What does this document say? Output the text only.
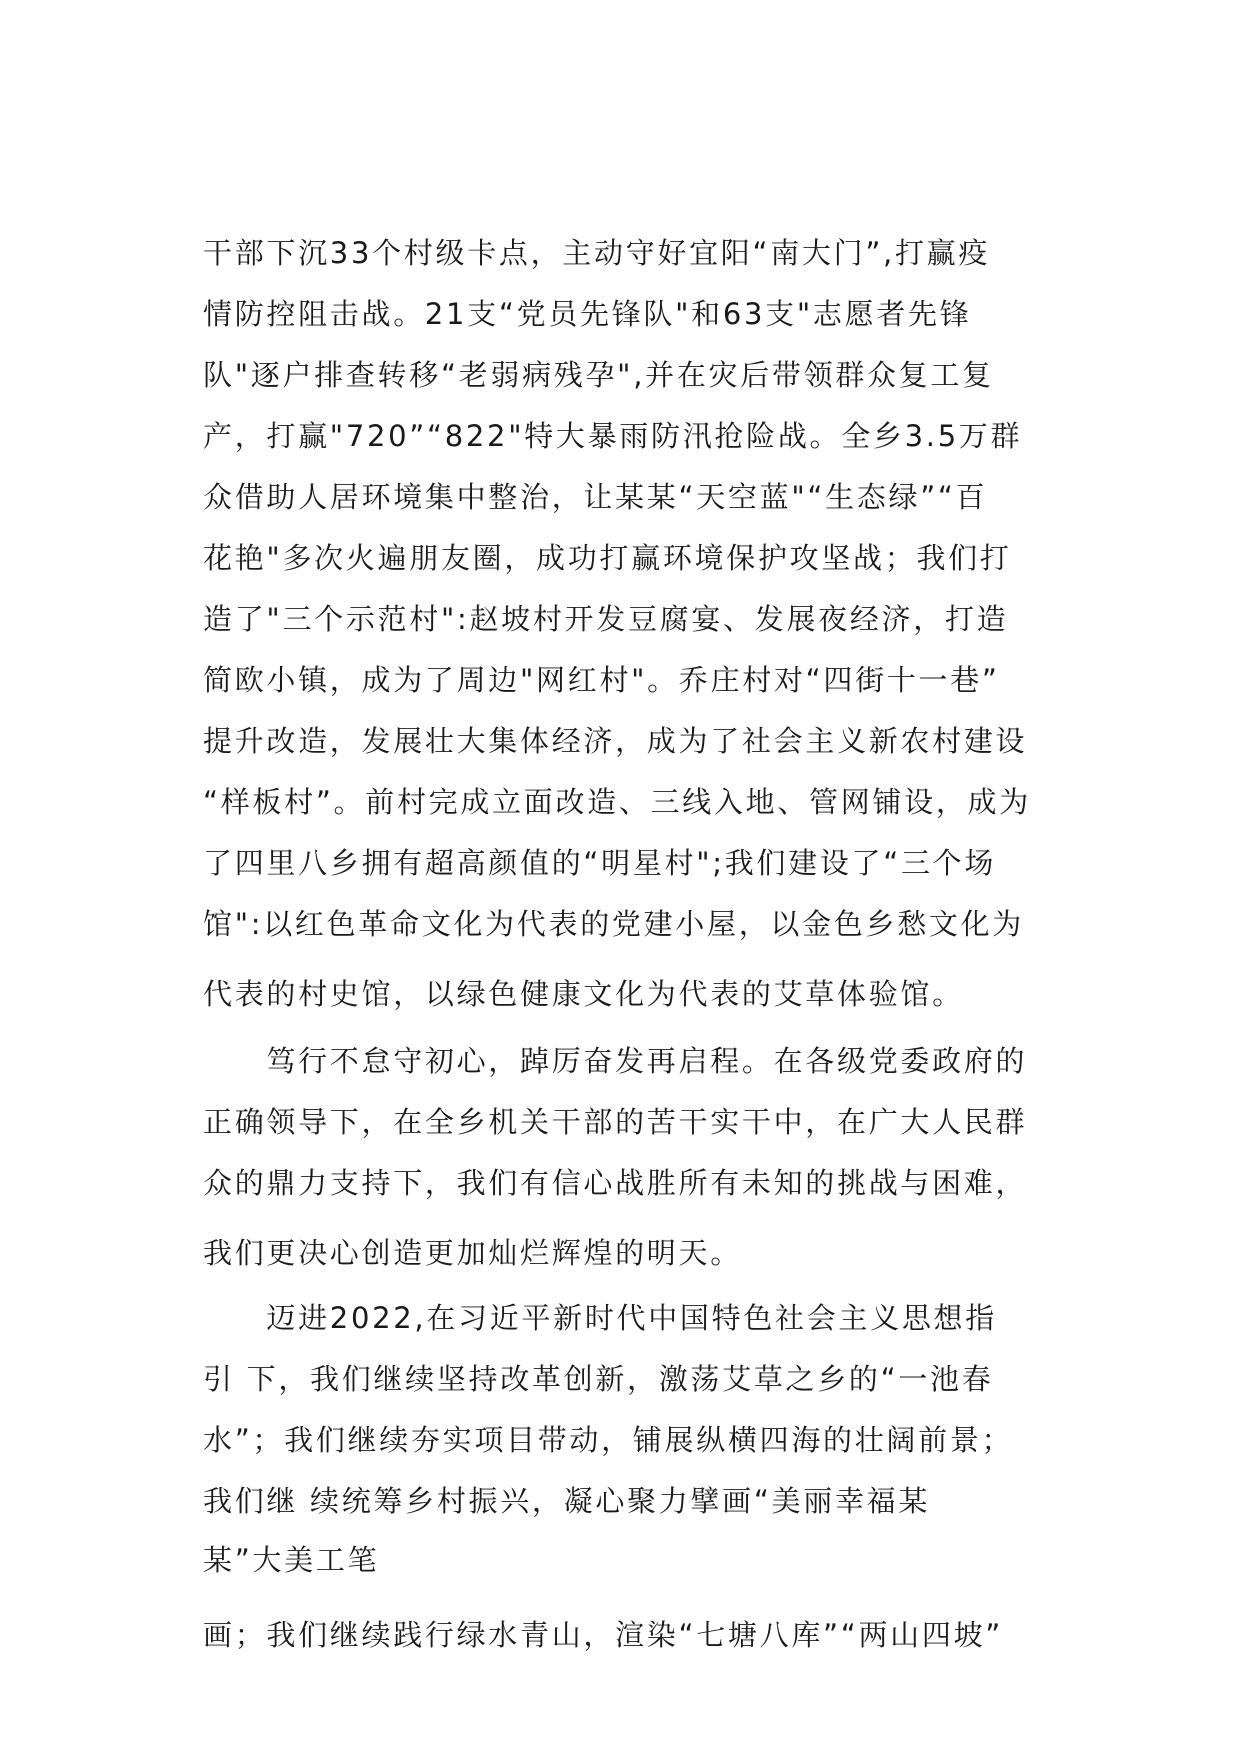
干部下沉33个村级卡点，主动守好宜阳“南大门”,打赢疫
情防控阻击战。21支“党员先锋队"和63支"志愿者先锋
队"逐户排查转移“老弱病残孕",并在灾后带领群众复工复
产，打赢"720”“822"特大暴雨防汛抢险战。全乡3.5万群
众借助人居环境集中整治，让某某“天空蓝"“生态绿”“百
花艳"多次火遍朋友圈，成功打赢环境保护攻坚战；我们打
造了"三个示范村":赵坡村开发豆腐宴、发展夜经济，打造
简欧小镇，成为了周边"网红村"。乔庄村对“四街十一巷”
提升改造，发展壮大集体经济，成为了社会主义新农村建设
“样板村”。前村完成立面改造、三线入地、管网铺设，成为
了四里八乡拥有超高颜值的“明星村";我们建设了“三个场
馆":以红色革命文化为代表的党建小屋，以金色乡愁文化为
代表的村史馆，以绿色健康文化为代表的艾草体验馆。
　　笃行不怠守初心，踔厉奋发再启程。在各级党委政府的
正确领导下，在全乡机关干部的苦干实干中，在广大人民群
众的鼎力支持下，我们有信心战胜所有未知的挑战与困难，
我们更决心创造更加灿烂辉煌的明天。
　　迈进2022,在习近平新时代中国特色社会主义思想指
引 下，我们继续坚持改革创新，激荡艾草之乡的“一池春
水”；我们继续夯实项目带动，铺展纵横四海的壮阔前景；
我们继 续统筹乡村振兴，凝心聚力擘画“美丽幸福某
某”大美工笔
画；我们继续践行绿水青山，渲染“七塘八库”“两山四坡”
